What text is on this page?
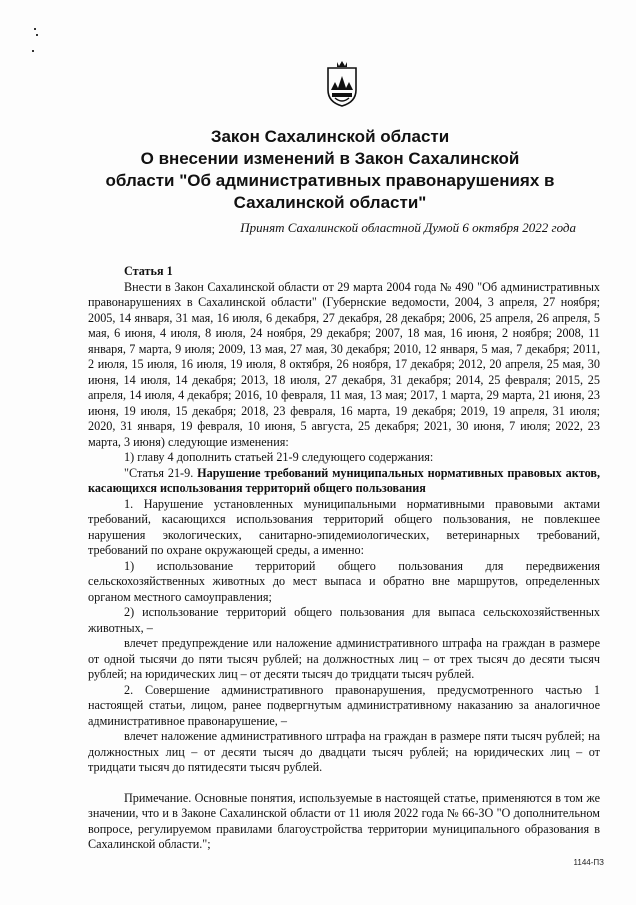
Закон Сахалинской области
О внесении изменений в Закон Сахалинской
области "Об административных правонарушениях в
Сахалинской области"
Принят Сахалинской областной Думой 6 октября 2022 года

Статья 1

Внести в Закон Сахалинской области от 29 марта 2004 года № 490 "Об административных правонарушениях в Сахалинской области" (Губернские ведомости, 2004, 3 апреля, 27 ноября; 2005, 14 января, 31 мая, 16 июля, 6 декабря, 27 декабря, 28 декабря; 2006, 25 апреля, 26 апреля, 5 мая, 6 июня, 4 июля, 8 июля, 24 ноября, 29 декабря; 2007, 18 мая, 16 июня, 2 ноября; 2008, 11 января, 7 марта, 9 июля; 2009, 13 мая, 27 мая, 30 декабря; 2010, 12 января, 5 мая, 7 декабря; 2011, 2 июля, 15 июля, 16 июля, 19 июля, 8 октября, 26 ноября, 17 декабря; 2012, 20 апреля, 25 мая, 30 июня, 14 июля, 14 декабря; 2013, 18 июля, 27 декабря, 31 декабря; 2014, 25 февраля; 2015, 25 апреля, 14 июля, 4 декабря; 2016, 10 февраля, 11 мая, 13 мая; 2017, 1 марта, 29 марта, 21 июня, 23 июня, 19 июля, 15 декабря; 2018, 23 февраля, 16 марта, 19 декабря; 2019, 19 апреля, 31 июля; 2020, 31 января, 19 февраля, 10 июня, 5 августа, 25 декабря; 2021, 30 июня, 7 июля; 2022, 23 марта, 3 июня) следующие изменения:

1) главу 4 дополнить статьей 21-9 следующего содержания:

"Статья 21-9. Нарушение требований муниципальных нормативных правовых актов, касающихся использования территорий общего пользования

1. Нарушение установленных муниципальными нормативными правовыми актами требований, касающихся использования территорий общего пользования, не повлекшее нарушения экологических, санитарно-эпидемиологических, ветеринарных требований, требований по охране окружающей среды, а именно:

1) использование территорий общего пользования для передвижения сельскохозяйственных животных до мест выпаса и обратно вне маршрутов, определенных органом местного самоуправления;

2) использование территорий общего пользования для выпаса сельскохозяйственных животных, –

влечет предупреждение или наложение административного штрафа на граждан в размере от одной тысячи до пяти тысяч рублей; на должностных лиц – от трех тысяч до десяти тысяч рублей; на юридических лиц – от десяти тысяч до тридцати тысяч рублей.

2. Совершение административного правонарушения, предусмотренного частью 1 настоящей статьи, лицом, ранее подвергнутым административному наказанию за аналогичное административное правонарушение, –

влечет наложение административного штрафа на граждан в размере пяти тысяч рублей; на должностных лиц – от десяти тысяч до двадцати тысяч рублей; на юридических лиц – от тридцати тысяч до пятидесяти тысяч рублей.

Примечание. Основные понятия, используемые в настоящей статье, применяются в том же значении, что и в Законе Сахалинской области от 11 июля 2022 года № 66-ЗО "О дополнительном вопросе, регулируемом правилами благоустройства территории муниципального образования в Сахалинской области.";

1144-ПЗ
